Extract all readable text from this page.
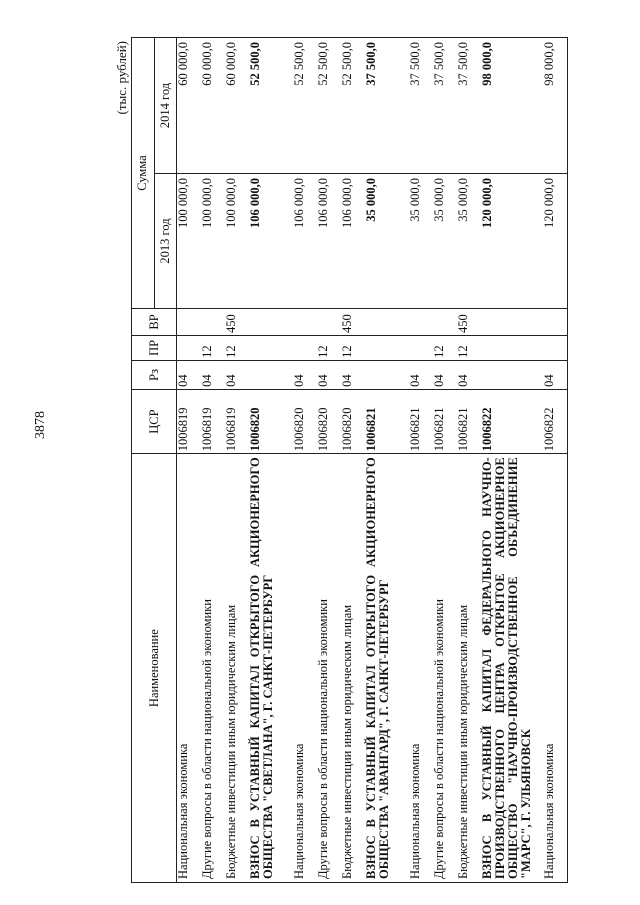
3878
(тыс. рублей)
Наименование	ЦСР	Рз	ПР	ВР	Сумма	
					2013 год	2014 год
Национальная экономика	1006819	04			100 000,0	60 000,0
Другие вопросы в области национальной экономики	1006819	04	12		100 000,0	60 000,0
Бюджетные инвестиции иным юридическим лицам	1006819	04	12	450	100 000,0	60 000,0
ВЗНОС В УСТАВНЫЙ КАПИТАЛ ОТКРЫТОГО АКЦИОНЕРНОГО ОБЩЕСТВА "СВЕТЛАНА", Г. САНКТ-ПЕТЕРБУРГ	1006820				106 000,0	52 500,0
Национальная экономика	1006820	04			106 000,0	52 500,0
Другие вопросы в области национальной экономики	1006820	04	12		106 000,0	52 500,0
Бюджетные инвестиции иным юридическим лицам	1006820	04	12	450	106 000,0	52 500,0
ВЗНОС В УСТАВНЫЙ КАПИТАЛ ОТКРЫТОГО АКЦИОНЕРНОГО ОБЩЕСТВА "АВАНГАРД", Г. САНКТ-ПЕТЕРБУРГ	1006821				35 000,0	37 500,0
Национальная экономика	1006821	04			35 000,0	37 500,0
Другие вопросы в области национальной экономики	1006821	04	12		35 000,0	37 500,0
Бюджетные инвестиции иным юридическим лицам	1006821	04	12	450	35 000,0	37 500,0
ВЗНОС В УСТАВНЫЙ КАПИТАЛ ФЕДЕРАЛЬНОГО НАУЧНО-ПРОИЗВОДСТВЕННОГО ЦЕНТРА ОТКРЫТОЕ АКЦИОНЕРНОЕ ОБЩЕСТВО "НАУЧНО-ПРОИЗВОДСТВЕННОЕ ОБЪЕДИНЕНИЕ "МАРС", Г. УЛЬЯНОВСК	1006822				120 000,0	98 000,0
Национальная экономика	1006822	04			120 000,0	98 000,0
